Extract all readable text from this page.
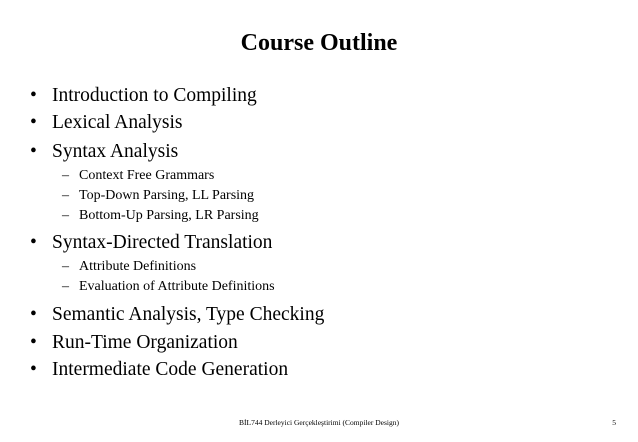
Course Outline
• Introduction to Compiling
• Lexical Analysis
• Syntax Analysis
– Context Free Grammars
– Top-Down Parsing, LL Parsing
– Bottom-Up Parsing, LR Parsing
• Syntax-Directed Translation
– Attribute Definitions
– Evaluation of Attribute Definitions
• Semantic Analysis, Type Checking
• Run-Time Organization
• Intermediate Code Generation
BİL744 Derleyici Gerçekleştirimi (Compiler Design)	5
